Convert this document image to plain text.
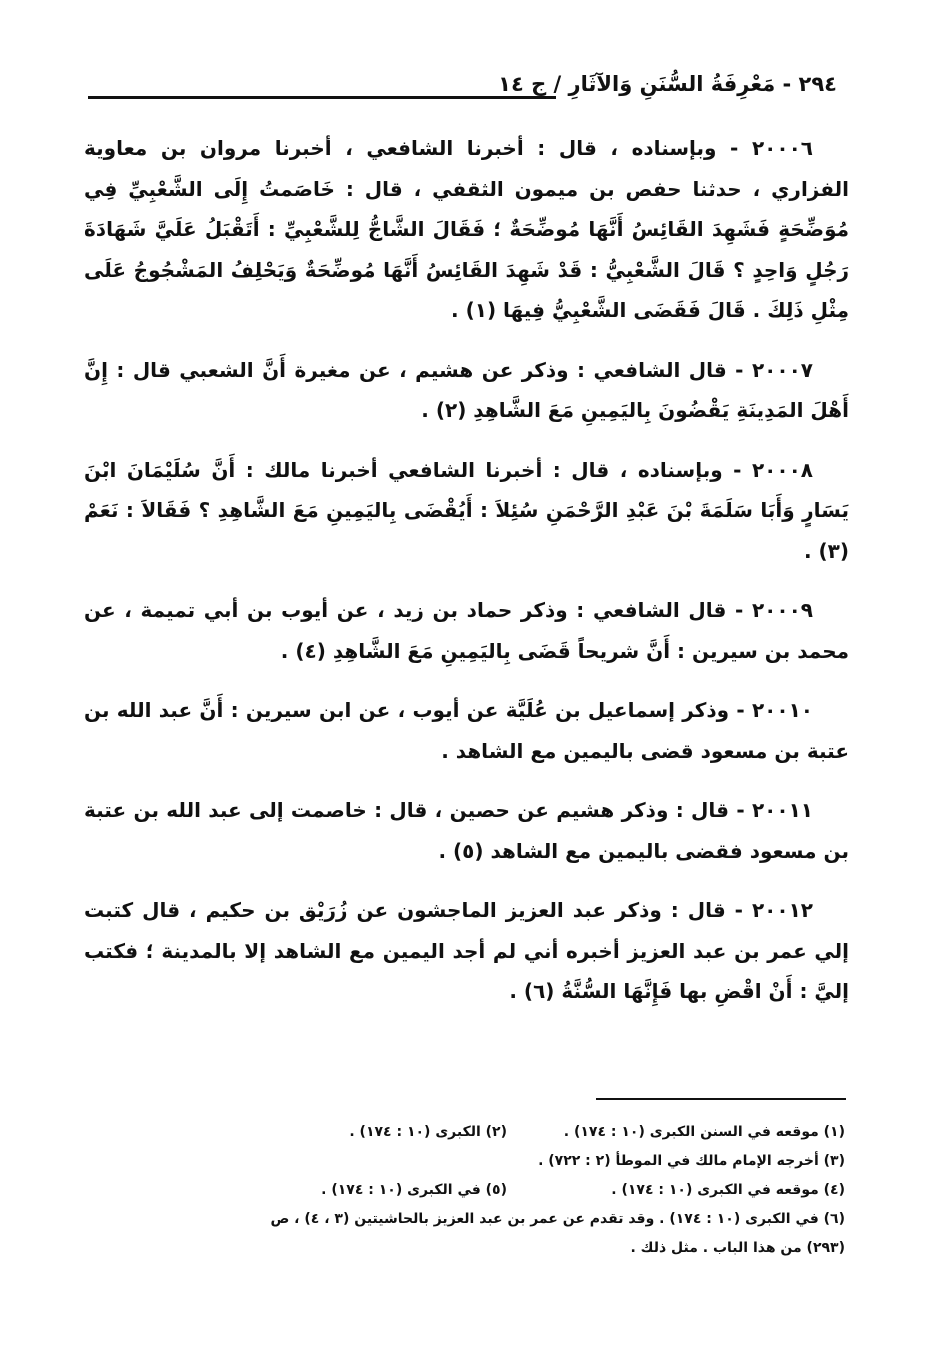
٢٩٤ - مَعْرِفَةُ السُّنَنِ وَالآثَارِ / ج ١٤

٢٠٠٠٦ - وبإسناده ، قال : أخبرنا الشافعي ، أخبرنا مروان بن معاوية الفزاري ، حدثنا حفص بن ميمون الثقفي ، قال : خَاصَمتُ إِلَى الشَّعْبِيِّ فِي مُوَضِّحَةٍ فَشَهِدَ القَائِسُ أَنَّهَا مُوضِّحَةٌ ؛ فَقَالَ الشَّاجُّ لِلشَّعْبِيِّ : أَتَقْبَلُ عَلَيَّ شَهَادَةَ رَجُلٍ وَاحِدٍ ؟ قَالَ الشَّعْبِيُّ : قَدْ شَهِدَ القَائِسُ أَنَّهَا مُوضِّحَةٌ وَيَحْلِفُ المَشْجُوجُ عَلَى مِثْلِ ذَلِكَ . قَالَ فَقَضَى الشَّعْبِيُّ فِيهَا (١) .

٢٠٠٠٧ - قال الشافعي : وذكر عن هشيم ، عن مغيرة أَنَّ الشعبي قال : إِنَّ أَهْلَ المَدِينَةِ يَقْضُونَ بِاليَمِينِ مَعَ الشَّاهِدِ (٢) .

٢٠٠٠٨ - وبإسناده ، قال : أخبرنا الشافعي أخبرنا مالك : أَنَّ سُلَيْمَانَ ابْنَ يَسَارٍ وَأَبَا سَلَمَةَ بْنَ عَبْدِ الرَّحْمَنِ سُئِلاَ : أَيُقْضَى بِاليَمِينِ مَعَ الشَّاهِدِ ؟ فَقَالاَ : نَعَمْ (٣) .

٢٠٠٠٩ - قال الشافعي : وذكر حماد بن زيد ، عن أيوب بن أبي تميمة ، عن محمد بن سيرين : أَنَّ شريحاً قَضَى بِاليَمِينِ مَعَ الشَّاهِدِ (٤) .

٢٠٠١٠ - وذكر إسماعيل بن عُلَيَّة عن أيوب ، عن ابن سيرين : أَنَّ عبد الله بن عتبة بن مسعود قضى باليمين مع الشاهد .

٢٠٠١١ - قال : وذكر هشيم عن حصين ، قال : خاصمت إلى عبد الله بن عتبة بن مسعود فقضى باليمين مع الشاهد (٥) .

٢٠٠١٢ - قال : وذكر عبد العزيز الماجشون عن زُرَيْق بن حكيم ، قال كتبت إلي عمر بن عبد العزيز أخبره أني لم أجد اليمين مع الشاهد إلا بالمدينة ؛ فكتب إليَّ : أَنْ اقْضِ بها فَإِنَّهَا السُّنَّةُ (٦) .

(١) موقعه في السنن الكبرى (١٠ : ١٧٤) .
(٢) الكبرى (١٠ : ١٧٤) .
(٣) أخرجه الإمام مالك في الموطأ (٢ : ٧٢٢) .
(٤) موقعه في الكبرى (١٠ : ١٧٤) .
(٥) في الكبرى (١٠ : ١٧٤) .
(٦) في الكبرى (١٠ : ١٧٤) . وقد تقدم عن عمر بن عبد العزيز بالحاشيتين (٣ ، ٤) ، ص
(٢٩٣) من هذا الباب . مثل ذلك .
